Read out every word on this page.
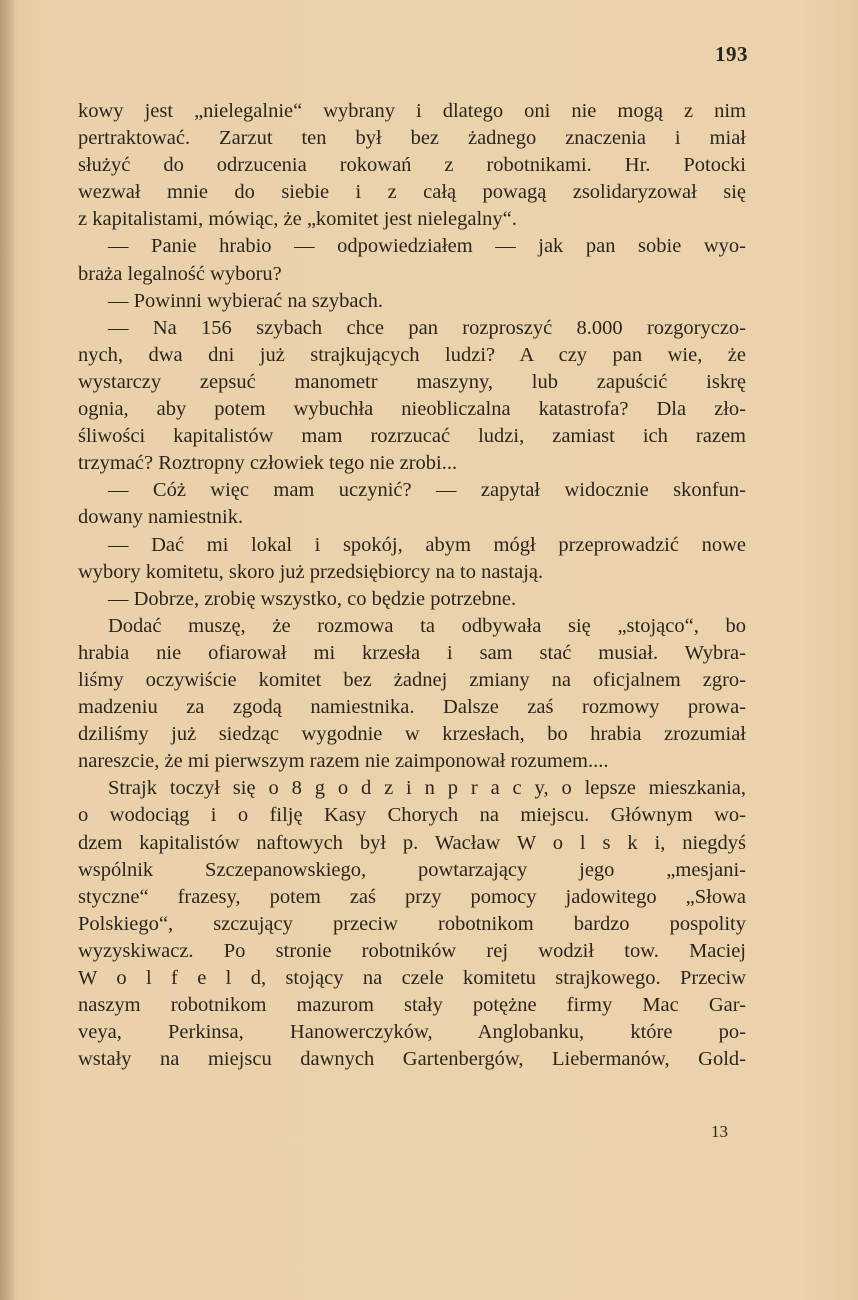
193
kowy jest „nielegalnie“ wybrany i dlatego oni nie mogą z nim
pertraktować. Zarzut ten był bez żadnego znaczenia i miał
służyć do odrzucenia rokowań z robotnikami. Hr. Potocki
wezwał mnie do siebie i z całą powagą zsolidaryzował się
z kapitalistami, mówiąc, że „komitet jest nielegalny“.
— Panie hrabio — odpowiedziałem — jak pan sobie wyo-
braża legalność wyboru?
— Powinni wybierać na szybach.
— Na 156 szybach chce pan rozproszyć 8.000 rozgoryczo-
nych, dwa dni już strajkujących ludzi? A czy pan wie, że
wystarczy zepsuć manometr maszyny, lub zapuścić iskrę
ognia, aby potem wybuchła nieobliczalna katastrofa? Dla zło-
śliwości kapitalistów mam rozrzucać ludzi, zamiast ich razem
trzymać? Roztropny człowiek tego nie zrobi...
— Cóż więc mam uczynić? — zapytał widocznie skonfun-
dowany namiestnik.
— Dać mi lokal i spokój, abym mógł przeprowadzić nowe
wybory komitetu, skoro już przedsiębiorcy na to nastają.
— Dobrze, zrobię wszystko, co będzie potrzebne.
Dodać muszę, że rozmowa ta odbywała się „stojąco“, bo
hrabia nie ofiarował mi krzesła i sam stać musiał. Wybra-
liśmy oczywiście komitet bez żadnej zmiany na oficjalnem zgro-
madzeniu za zgodą namiestnika. Dalsze zaś rozmowy prowa-
dziliśmy już siedząc wygodnie w krzesłach, bo hrabia zrozumiał
nareszcie, że mi pierwszym razem nie zaimponował rozumem....
Strajk toczył się o 8 g o d z i n p r a c y, o lepsze mieszkania,
o wodociąg i o filję Kasy Chorych na miejscu. Głównym wo-
dzem kapitalistów naftowych był p. Wacław W o l s k i, niegdyś
wspólnik Szczepanowskiego, powtarzający jego „mesjani-
styczne“ frazesy, potem zaś przy pomocy jadowitego „Słowa
Polskiego“, szczujący przeciw robotnikom bardzo pospolity
wyzyskiwacz. Po stronie robotników rej wodził tow. Maciej
W o l f e l d, stojący na czele komitetu strajkowego. Przeciw
naszym robotnikom mazurom stały potężne firmy Mac Gar-
veya, Perkinsa, Hanowerczyków, Anglobanku, które po-
wstały na miejscu dawnych Gartenbergów, Liebermanów, Gold-
13
